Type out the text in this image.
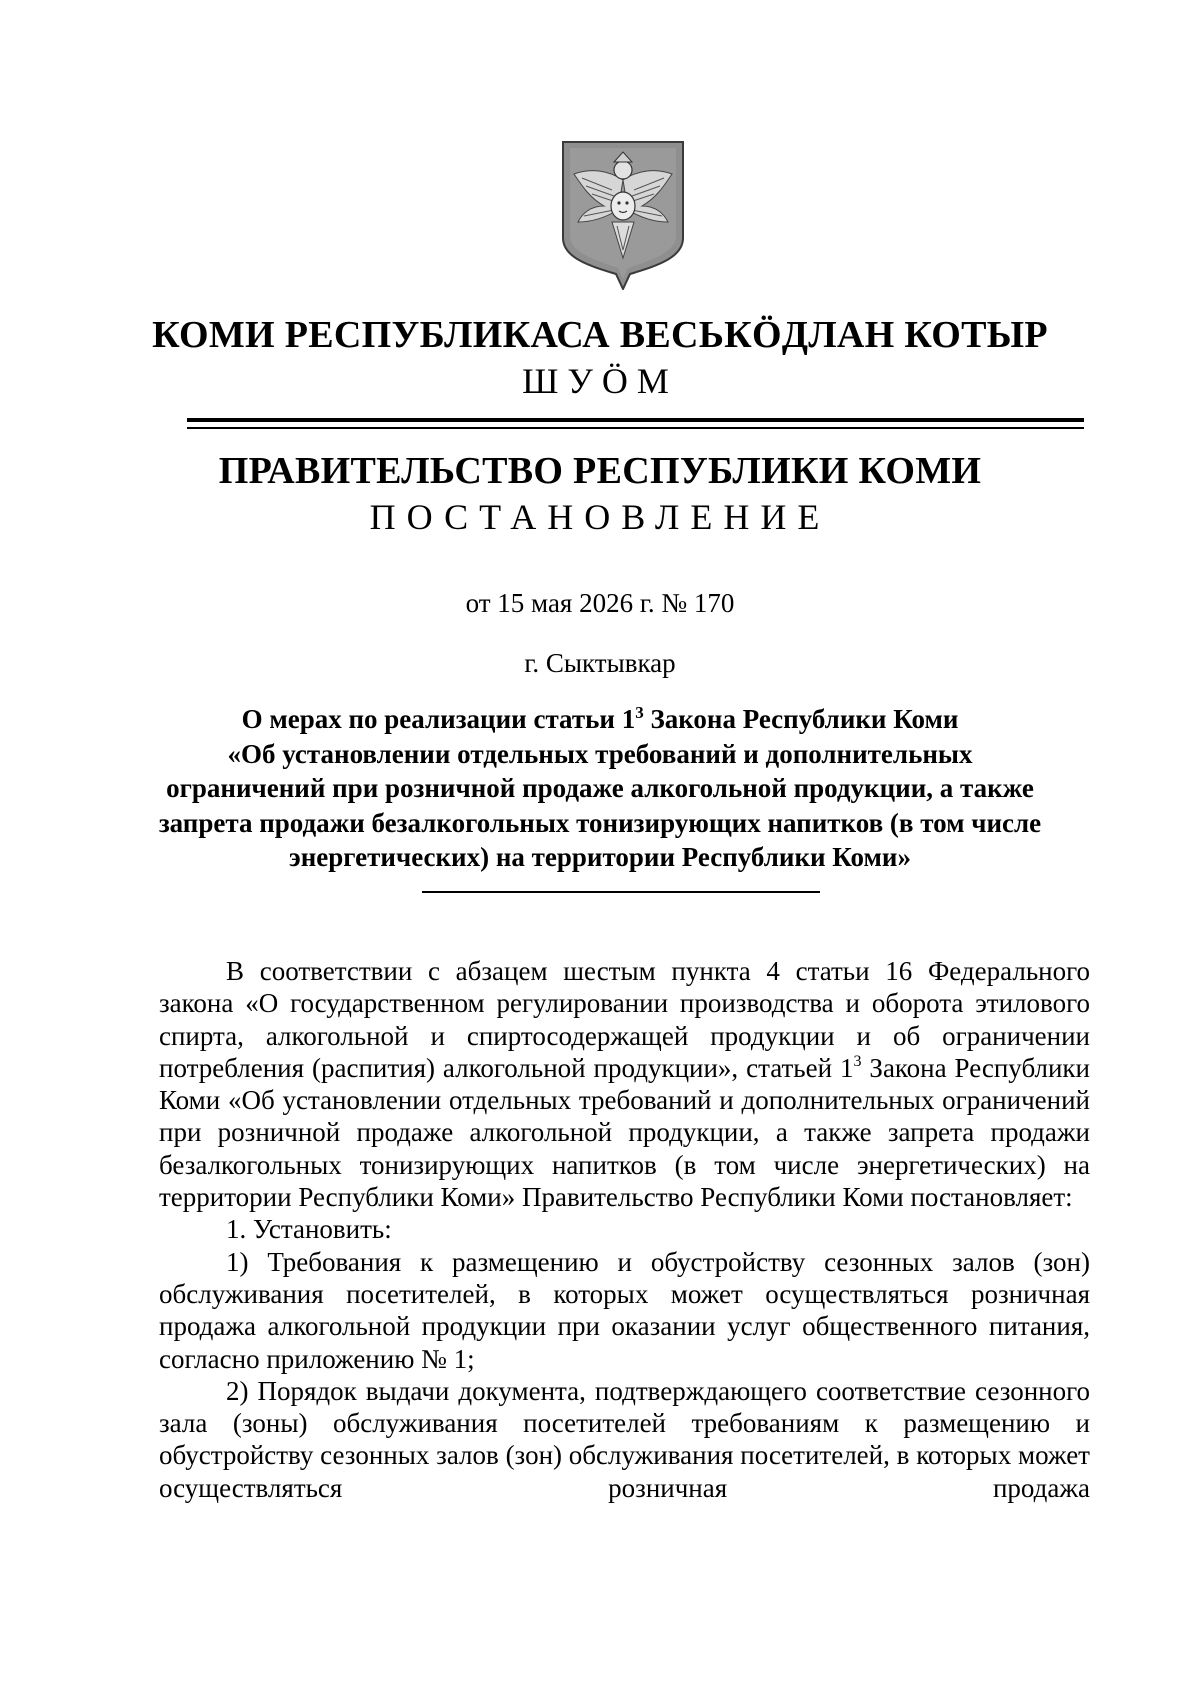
КОМИ РЕСПУБЛИКАСА ВЕСЬКӦДЛАН КОТЫР
ШУӦМ
ПРАВИТЕЛЬСТВО РЕСПУБЛИКИ КОМИ
ПОСТАНОВЛЕНИЕ
от 15 мая 2026 г. № 170
г. Сыктывкар
О мерах по реализации статьи $1^3$ Закона Республики Коми
«Об установлении отдельных требований и дополнительных
ограничений при розничной продаже алкогольной продукции, а также
запрета продажи безалкогольных тонизирующих напитков (в том числе
энергетических) на территории Республики Коми»

В соответствии с абзацем шестым пункта 4 статьи 16 Федерального закона «О государственном регулировании производства и оборота этилового спирта, алкогольной и спиртосодержащей продукции и об ограничении потребления (распития) алкогольной продукции», статьей $1^3$ Закона Республики Коми «Об установлении отдельных требований и дополнительных ограничений при розничной продаже алкогольной продукции, а также запрета продажи безалкогольных тонизирующих напитков (в том числе энергетических) на территории Республики Коми» Правительство Республики Коми постановляет:

1. Установить:

1) Требования к размещению и обустройству сезонных залов (зон) обслуживания посетителей, в которых может осуществляться розничная продажа алкогольной продукции при оказании услуг общественного питания, согласно приложению № 1;

2) Порядок выдачи документа, подтверждающего соответствие сезонного зала (зоны) обслуживания посетителей требованиям к размещению и обустройству сезонных залов (зон) обслуживания посетителей, в которых может осуществляться розничная продажа
